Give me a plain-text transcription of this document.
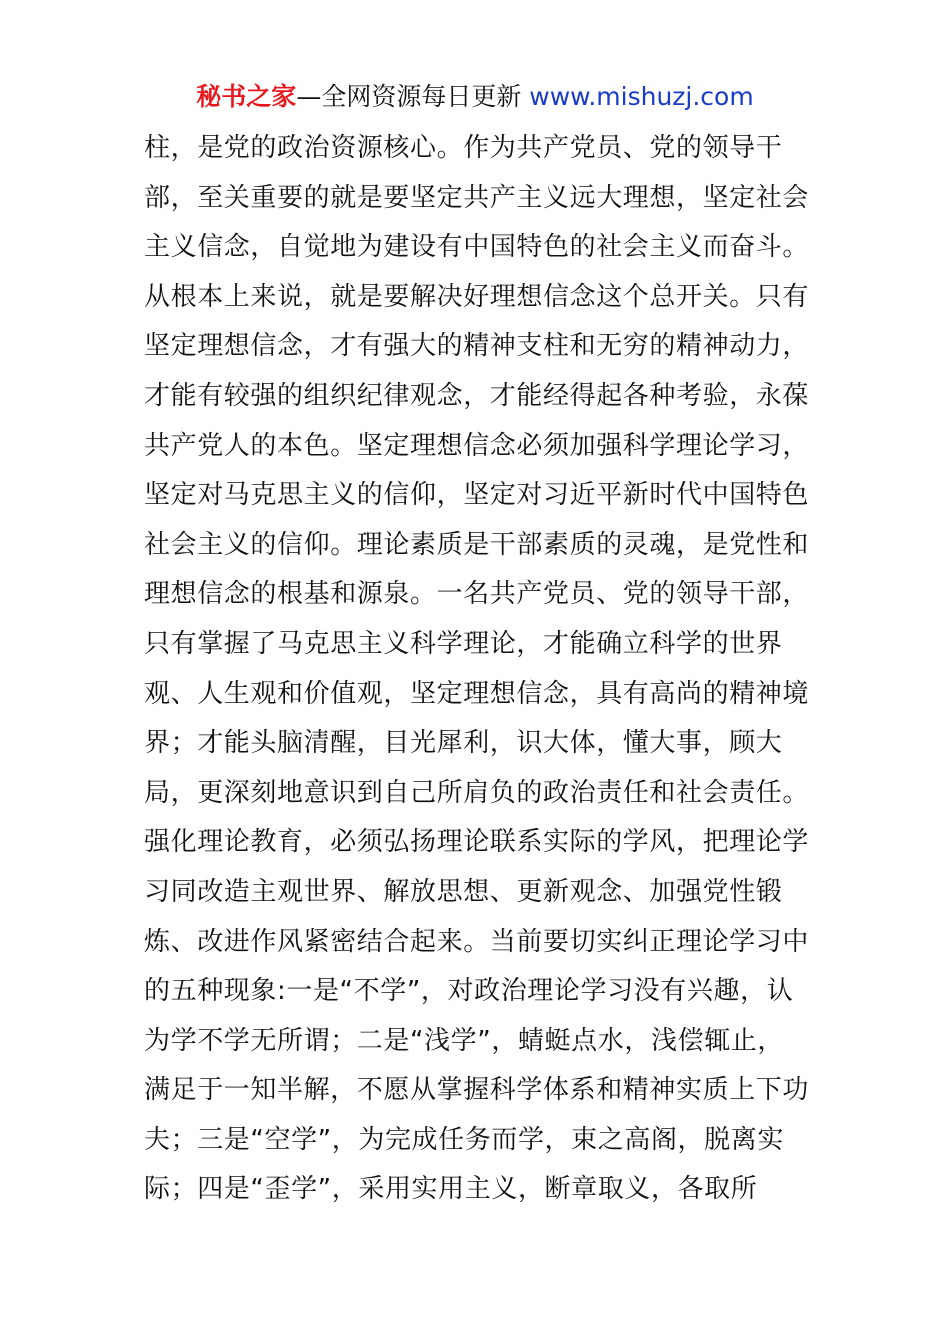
秘书之家—全网资源每日更新 www.mishuzj.com
柱，是党的政治资源核心。作为共产党员、党的领导干
部，至关重要的就是要坚定共产主义远大理想，坚定社会
主义信念，自觉地为建设有中国特色的社会主义而奋斗。
从根本上来说，就是要解决好理想信念这个总开关。只有
坚定理想信念，才有强大的精神支柱和无穷的精神动力，
才能有较强的组织纪律观念，才能经得起各种考验，永葆
共产党人的本色。坚定理想信念必须加强科学理论学习，
坚定对马克思主义的信仰，坚定对习近平新时代中国特色
社会主义的信仰。理论素质是干部素质的灵魂，是党性和
理想信念的根基和源泉。一名共产党员、党的领导干部，
只有掌握了马克思主义科学理论，才能确立科学的世界
观、人生观和价值观，坚定理想信念，具有高尚的精神境
界；才能头脑清醒，目光犀利，识大体，懂大事，顾大
局，更深刻地意识到自己所肩负的政治责任和社会责任。
强化理论教育，必须弘扬理论联系实际的学风，把理论学
习同改造主观世界、解放思想、更新观念、加强党性锻
炼、改进作风紧密结合起来。当前要切实纠正理论学习中
的五种现象:一是“不学”，对政治理论学习没有兴趣，认
为学不学无所谓；二是“浅学”，蜻蜓点水，浅偿辄止，
满足于一知半解，不愿从掌握科学体系和精神实质上下功
夫；三是“空学”，为完成任务而学，束之高阁，脱离实
际；四是“歪学”，采用实用主义，断章取义，各取所
